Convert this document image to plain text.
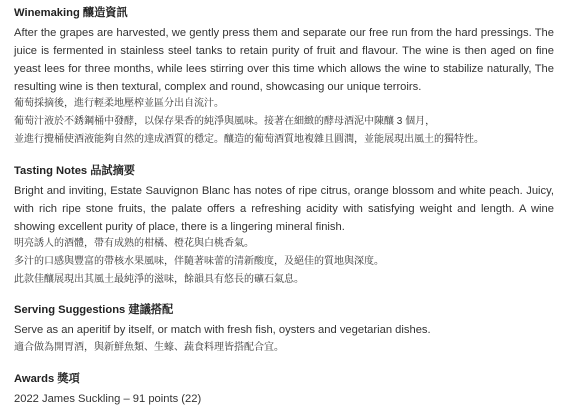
Winemaking 釀造資訊

After the grapes are harvested, we gently press them and separate our free run from the hard pressings. The juice is fermented in stainless steel tanks to retain purity of fruit and flavour. The wine is then aged on fine yeast lees for three months, while lees stirring over this time which allows the wine to stabilize naturally, The resulting wine is then textural, complex and round, showcasing our unique terroirs.

葡萄採摘後，進行輕柔地壓榨並區分出自流汁。

葡萄汁液於不銹鋼桶中發酵，以保存果香的純淨與風味。接著在細緻的酵母酒泥中陳釀 3 個月，

並進行攪桶使酒液能夠自然的達成酒質的穩定。釀造的葡萄酒質地複雜且圓潤，並能展現出風土的獨特性。

Tasting Notes 品試摘要

Bright and inviting, Estate Sauvignon Blanc has notes of ripe citrus, orange blossom and white peach. Juicy, with rich ripe stone fruits, the palate offers a refreshing acidity with satisfying weight and length. A wine showing excellent purity of place, there is a lingering mineral finish.

明亮誘人的酒體，帶有成熟的柑橘、橙花與白桃香氣。

多汁的口感與豐富的帶核水果風味，伴隨著味蕾的清新酸度，及絕佳的質地與深度。

此款佳釀展現出其風土最純淨的滋味，餘韻具有悠長的礦石氣息。

Serving Suggestions 建議搭配

Serve as an aperitif by itself, or match with fresh fish, oysters and vegetarian dishes.

適合做為開胃酒，與新鮮魚類、生蠔、蔬食料理皆搭配合宜。

Awards 獎項

2022 James Suckling – 91 points (22)
